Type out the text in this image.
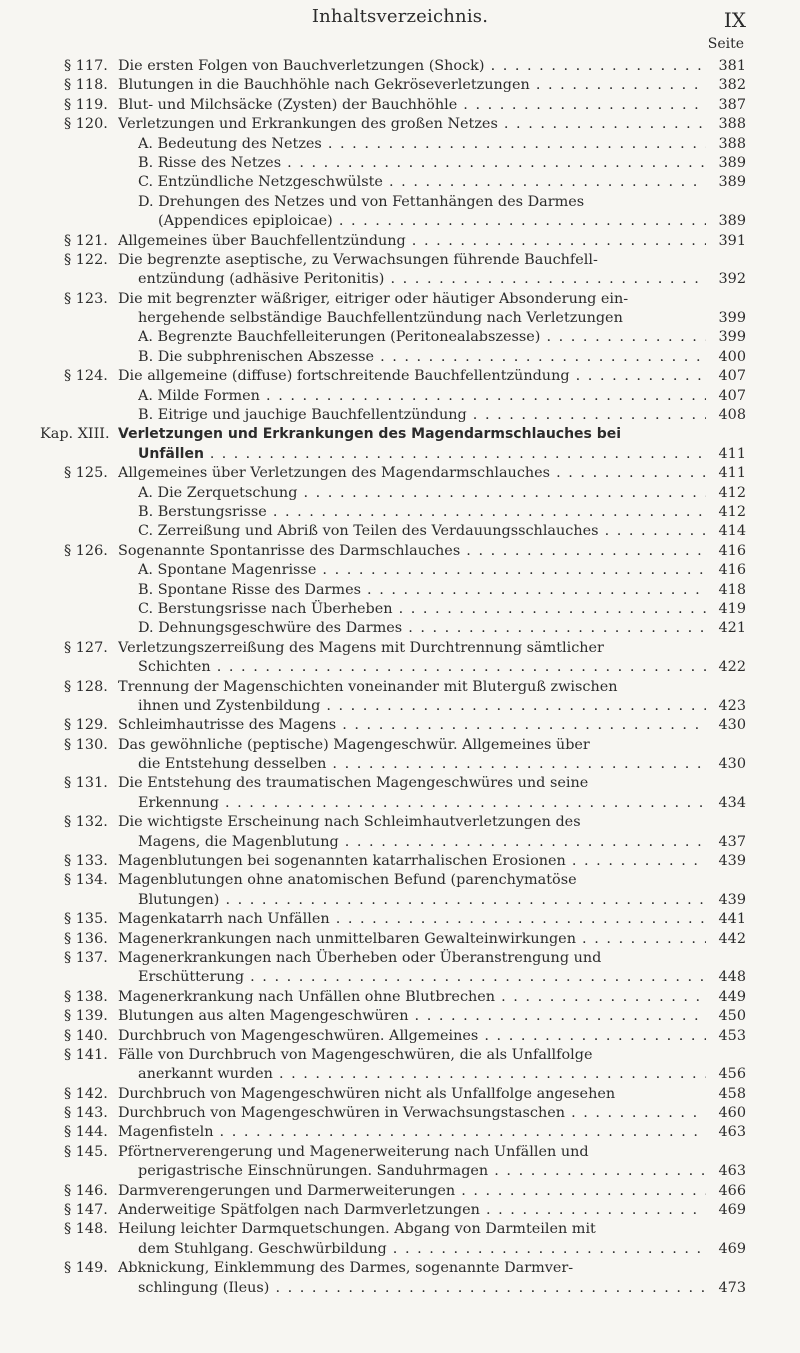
Inhaltsverzeichnis.	IX
Seite
§ 117. Die ersten Folgen von Bauchverletzungen (Shock) . . .	381
§ 118. Blutungen in die Bauchhöhle nach Gekröseverletzungen . . .	382
§ 119. Blut- und Milchsäcke (Zysten) der Bauchhöhle . . .	387
§ 120. Verletzungen und Erkrankungen des großen Netzes . . .	388
A. Bedeutung des Netzes . . .	388
B. Risse des Netzes . . .	389
C. Entzündliche Netzgeschwülste . . .	389
D. Drehungen des Netzes und von Fettanhängen des Darmes
(Appendices epiploicae) . . .	389
§ 121. Allgemeines über Bauchfellentzündung . . .	391
§ 122. Die begrenzte aseptische, zu Verwachsungen führende Bauchfell-
entzündung (adhäsive Peritonitis) . . .	392
§ 123. Die mit begrenzter wäßriger, eitriger oder häutiger Absonderung ein-
hergehende selbständige Bauchfellentzündung nach Verletzungen	399
A. Begrenzte Bauchfelleiterungen (Peritonealabszesse) . . .	399
B. Die subphrenischen Abszesse . . .	400
§ 124. Die allgemeine (diffuse) fortschreitende Bauchfellentzündung . . .	407
A. Milde Formen . . .	407
B. Eitrige und jauchige Bauchfellentzündung . . .	408
Kap. XIII. Verletzungen und Erkrankungen des Magendarmschlauches bei
Unfällen . . .	411
§ 125. Allgemeines über Verletzungen des Magendarmschlauches . . .	411
A. Die Zerquetschung . . .	412
B. Berstungsrisse . . .	412
C. Zerreißung und Abriß von Teilen des Verdauungsschlauches . . .	414
§ 126. Sogenannte Spontanrisse des Darmschlauches . . .	416
A. Spontane Magenrisse . . .	416
B. Spontane Risse des Darmes . . .	418
C. Berstungsrisse nach Überheben . . .	419
D. Dehnungsgeschwüre des Darmes . . .	421
§ 127. Verletzungszerreißung des Magens mit Durchtrennung sämtlicher
Schichten . . .	422
§ 128. Trennung der Magenschichten voneinander mit Bluterguß zwischen
ihnen und Zystenbildung . . .	423
§ 129. Schleimhautrisse des Magens . . .	430
§ 130. Das gewöhnliche (peptische) Magengeschwür. Allgemeines über
die Entstehung desselben . . .	430
§ 131. Die Entstehung des traumatischen Magengeschwüres und seine
Erkennung . . .	434
§ 132. Die wichtigste Erscheinung nach Schleimhautverletzungen des
Magens, die Magenblutung . . .	437
§ 133. Magenblutungen bei sogenannten katarrhalischen Erosionen . . .	439
§ 134. Magenblutungen ohne anatomischen Befund (parenchymatöse
Blutungen) . . .	439
§ 135. Magenkatarrh nach Unfällen . . .	441
§ 136. Magenerkrankungen nach unmittelbaren Gewalteinwirkungen . . .	442
§ 137. Magenerkrankungen nach Überheben oder Überanstrengung und
Erschütterung . . .	448
§ 138. Magenerkrankung nach Unfällen ohne Blutbrechen . . .	449
§ 139. Blutungen aus alten Magengeschwüren . . .	450
§ 140. Durchbruch von Magengeschwüren. Allgemeines . . .	453
§ 141. Fälle von Durchbruch von Magengeschwüren, die als Unfallfolge
anerkannt wurden . . .	456
§ 142. Durchbruch von Magengeschwüren nicht als Unfallfolge angesehen	458
§ 143. Durchbruch von Magengeschwüren in Verwachsungstaschen . . .	460
§ 144. Magenfisteln . . .	463
§ 145. Pförtnerverengerung und Magenerweiterung nach Unfällen und
perigastrische Einschnürungen. Sanduhrmagen . . .	463
§ 146. Darmverengerungen und Darmerweiterungen . . .	466
§ 147. Anderweitige Spätfolgen nach Darmverletzungen . . .	469
§ 148. Heilung leichter Darmquetschungen. Abgang von Darmteilen mit
dem Stuhlgang. Geschwürbildung . . .	469
§ 149. Abknickung, Einklemmung des Darmes, sogenannte Darmver-
schlingung (Ileus) . . .	473
